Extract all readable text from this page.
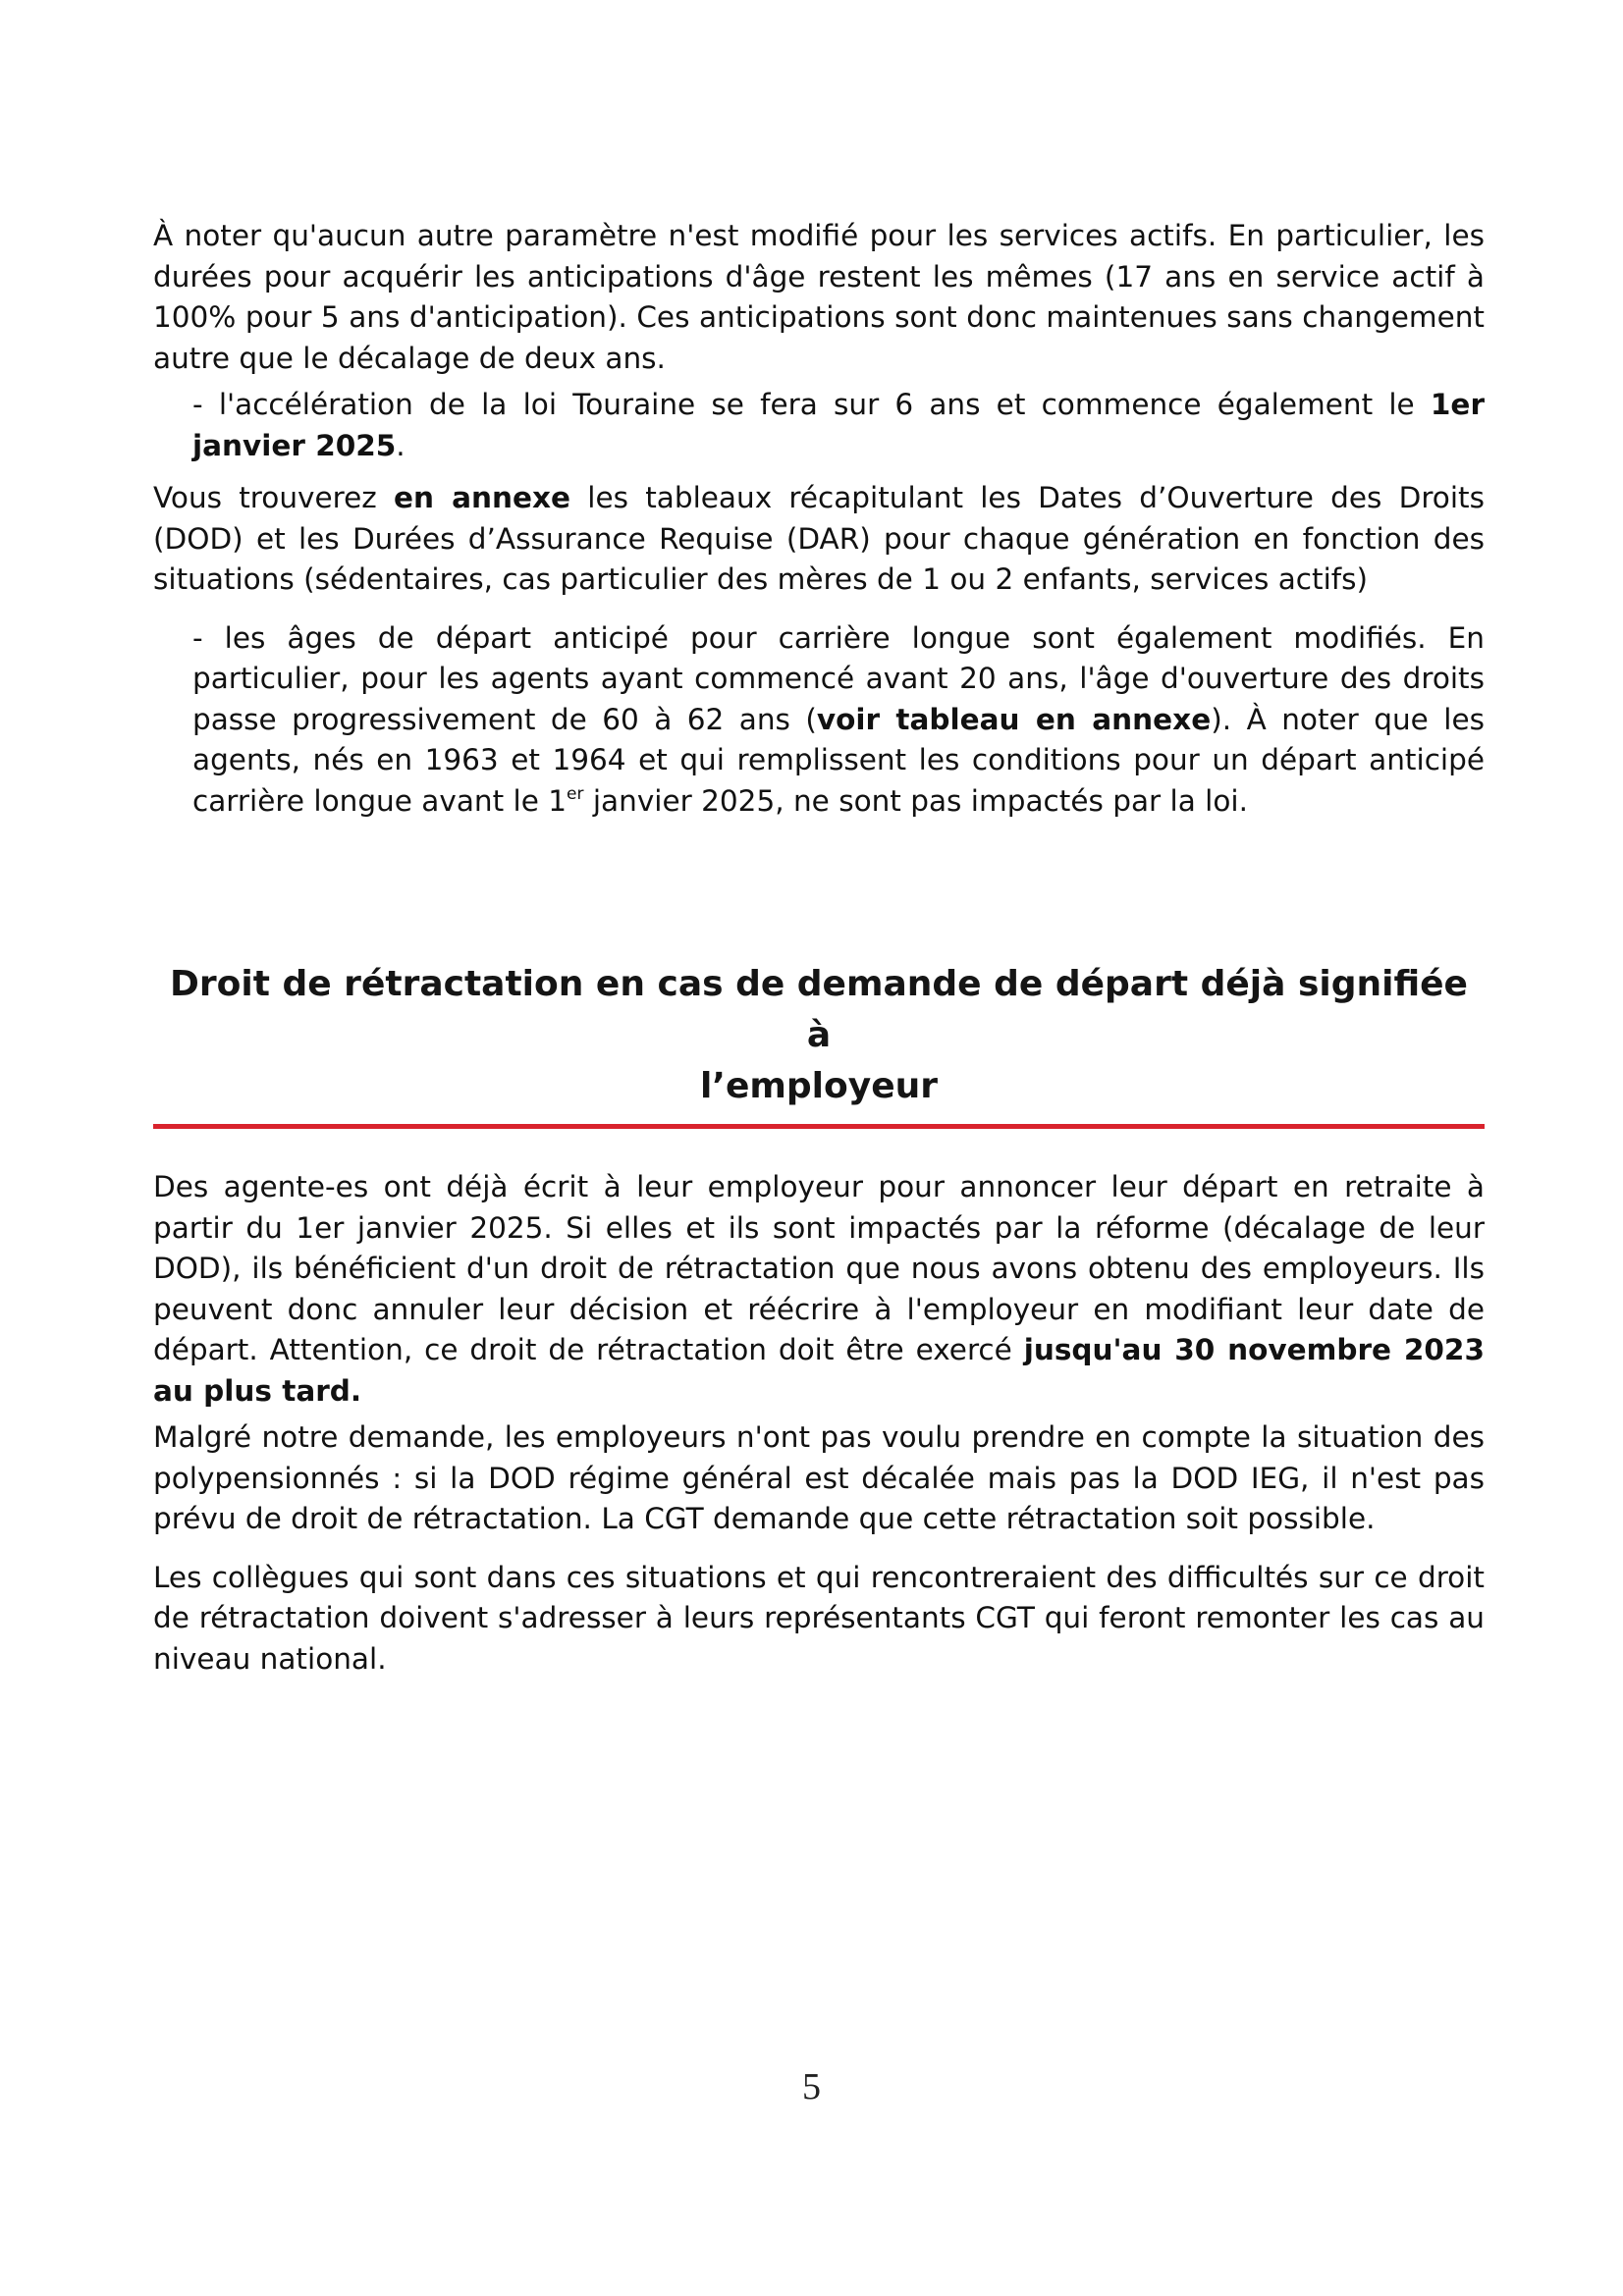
À noter qu'aucun autre paramètre n'est modifié pour les services actifs. En particulier, les durées pour acquérir les anticipations d'âge restent les mêmes (17 ans en service actif à 100% pour 5 ans d'anticipation). Ces anticipations sont donc maintenues sans changement autre que le décalage de deux ans.

- l'accélération de la loi Touraine se fera sur 6 ans et commence également le 1er janvier 2025.

Vous trouverez en annexe les tableaux récapitulant les Dates d’Ouverture des Droits (DOD) et les Durées d’Assurance Requise (DAR) pour chaque génération en fonction des situations (sédentaires, cas particulier des mères de 1 ou 2 enfants, services actifs)

- les âges de départ anticipé pour carrière longue sont également modifiés. En particulier, pour les agents ayant commencé avant 20 ans, l'âge d'ouverture des droits passe progressivement de 60 à 62 ans (voir tableau en annexe). À noter que les agents, nés en 1963 et 1964 et qui remplissent les conditions pour un départ anticipé carrière longue avant le 1er janvier 2025, ne sont pas impactés par la loi.

Droit de rétractation en cas de demande de départ déjà signifiée à
l’employeur

Des agente-es ont déjà écrit à leur employeur pour annoncer leur départ en retraite à partir du 1er janvier 2025. Si elles et ils sont impactés par la réforme (décalage de leur DOD), ils bénéficient d'un droit de rétractation que nous avons obtenu des employeurs. Ils peuvent donc annuler leur décision et réécrire à l'employeur en modifiant leur date de départ. Attention, ce droit de rétractation doit être exercé jusqu'au 30 novembre 2023 au plus tard.

Malgré notre demande, les employeurs n'ont pas voulu prendre en compte la situation des polypensionnés : si la DOD régime général est décalée mais pas la DOD IEG, il n'est pas prévu de droit de rétractation. La CGT demande que cette rétractation soit possible.

Les collègues qui sont dans ces situations et qui rencontreraient des difficultés sur ce droit de rétractation doivent s'adresser à leurs représentants CGT qui feront remonter les cas au niveau national.

5
